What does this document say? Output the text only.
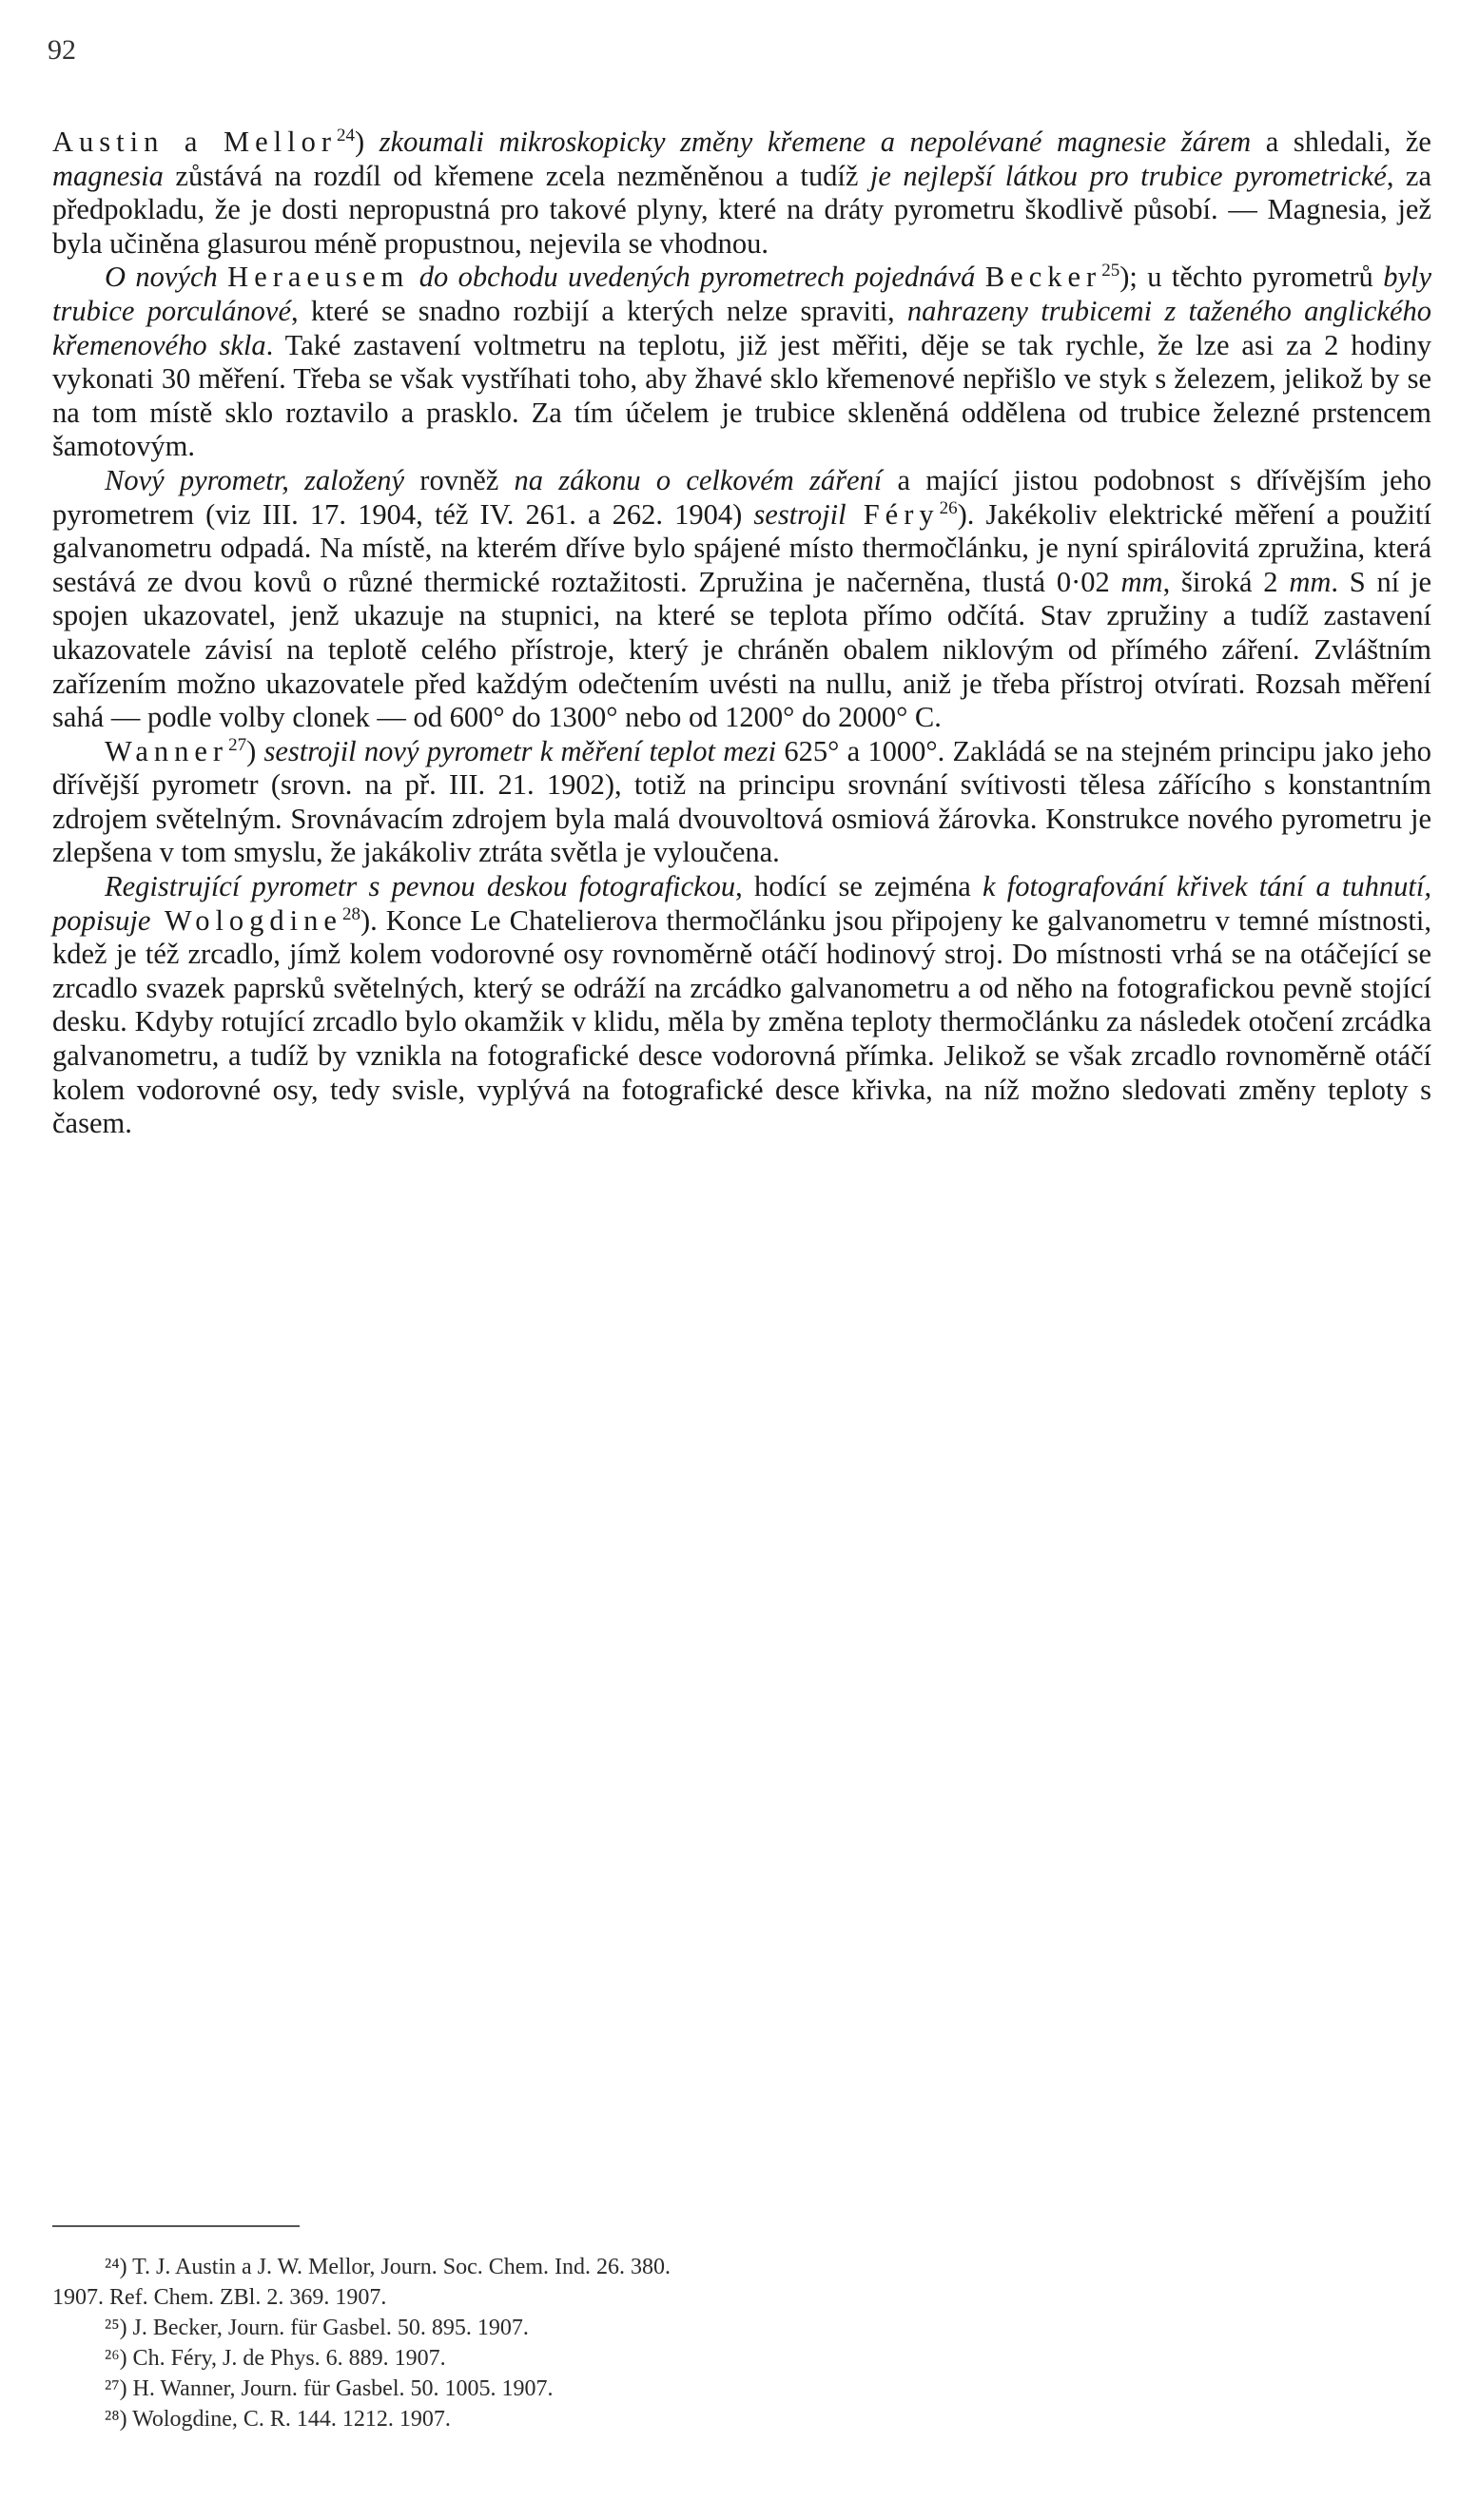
92

Austin a Mellor$^{24}$) zkoumali mikroskopicky změny křemene a nepolévané magnesie žárem a shledali, že magnesia zůstává na rozdíl od křemene zcela nezměněnou a tudíž je nejlepší látkou pro trubice pyrometrické, za předpokladu, že je dosti nepropustná pro takové plyny, které na dráty pyrometru škodlivě působí. — Magnesia, jež byla učiněna glasurou méně propustnou, nejevila se vhodnou.

O nových Heraeusem do obchodu uvedených pyrometrech pojednává Becker$^{25}$); u těchto pyrometrů byly trubice porculánové, které se snadno rozbijí a kterých nelze spraviti, nahrazeny trubicemi z taženého anglického křemenového skla. Také zastavení voltmetru na teplotu, již jest měřiti, děje se tak rychle, že lze asi za 2 hodiny vykonati 30 měření. Třeba se však vystříhati toho, aby žhavé sklo křemenové nepřišlo ve styk s železem, jelikož by se na tom místě sklo roztavilo a prasklo. Za tím účelem je trubice skleněná oddělena od trubice železné prstencem šamotovým.

Nový pyrometr, založený rovněž na zákonu o celkovém záření a mající jistou podobnost s dřívějším jeho pyrometrem (viz III. 17. 1904, též IV. 261. a 262. 1904) sestrojil Féry$^{26}$). Jakékoliv elektrické měření a použití galvanometru odpadá. Na místě, na kterém dříve bylo spájené místo thermočlánku, je nyní spirálovitá zpružina, která sestává ze dvou kovů o různé thermické roztažitosti. Zpružina je načerněna, tlustá 0·02 mm, široká 2 mm. S ní je spojen ukazovatel, jenž ukazuje na stupnici, na které se teplota přímo odčítá. Stav zpružiny a tudíž zastavení ukazovatele závisí na teplotě celého přístroje, který je chráněn obalem niklovým od přímého záření. Zvláštním zařízením možno ukazovatele před každým odečtením uvésti na nullu, aniž je třeba přístroj otvírati. Rozsah měření sahá — podle volby clonek — od 600° do 1300° nebo od 1200° do 2000° C.

Wanner$^{27}$) sestrojil nový pyrometr k měření teplot mezi 625° a 1000°. Zakládá se na stejném principu jako jeho dřívější pyrometr (srovn. na př. III. 21. 1902), totiž na principu srovnání svítivosti tělesa zářícího s konstantním zdrojem světelným. Srovnávacím zdrojem byla malá dvouvoltová osmiová žárovka. Konstrukce nového pyrometru je zlepšena v tom smyslu, že jakákoliv ztráta světla je vyloučena.

Registrující pyrometr s pevnou deskou fotografickou, hodící se zejména k fotografování křivek tání a tuhnutí, popisuje Wologdine$^{28}$). Konce Le Chatelierova thermočlánku jsou připojeny ke galvanometru v temné místnosti, kdež je též zrcadlo, jímž kolem vodorovné osy rovnoměrně otáčí hodinový stroj. Do místnosti vrhá se na otáčející se zrcadlo svazek paprsků světelných, který se odráží na zrcádko galvanometru a od něho na fotografickou pevně stojící desku. Kdyby rotující zrcadlo bylo okamžik v klidu, měla by změna teploty thermočlánku za následek otočení zrcádka galvanometru, a tudíž by vznikla na fotografické desce vodorovná přímka. Jelikož se však zrcadlo rovnoměrně otáčí kolem vodorovné osy, tedy svisle, vyplývá na fotografické desce křivka, na níž možno sledovati změny teploty s časem.

²⁴) T. J. Austin a J. W. Mellor, Journ. Soc. Chem. Ind. 26. 380.
1907. Ref. Chem. ZBl. 2. 369. 1907.
²⁵) J. Becker, Journ. für Gasbel. 50. 895. 1907.
²⁶) Ch. Féry, J. de Phys. 6. 889. 1907.
²⁷) H. Wanner, Journ. für Gasbel. 50. 1005. 1907.
²⁸) Wologdine, C. R. 144. 1212. 1907.
